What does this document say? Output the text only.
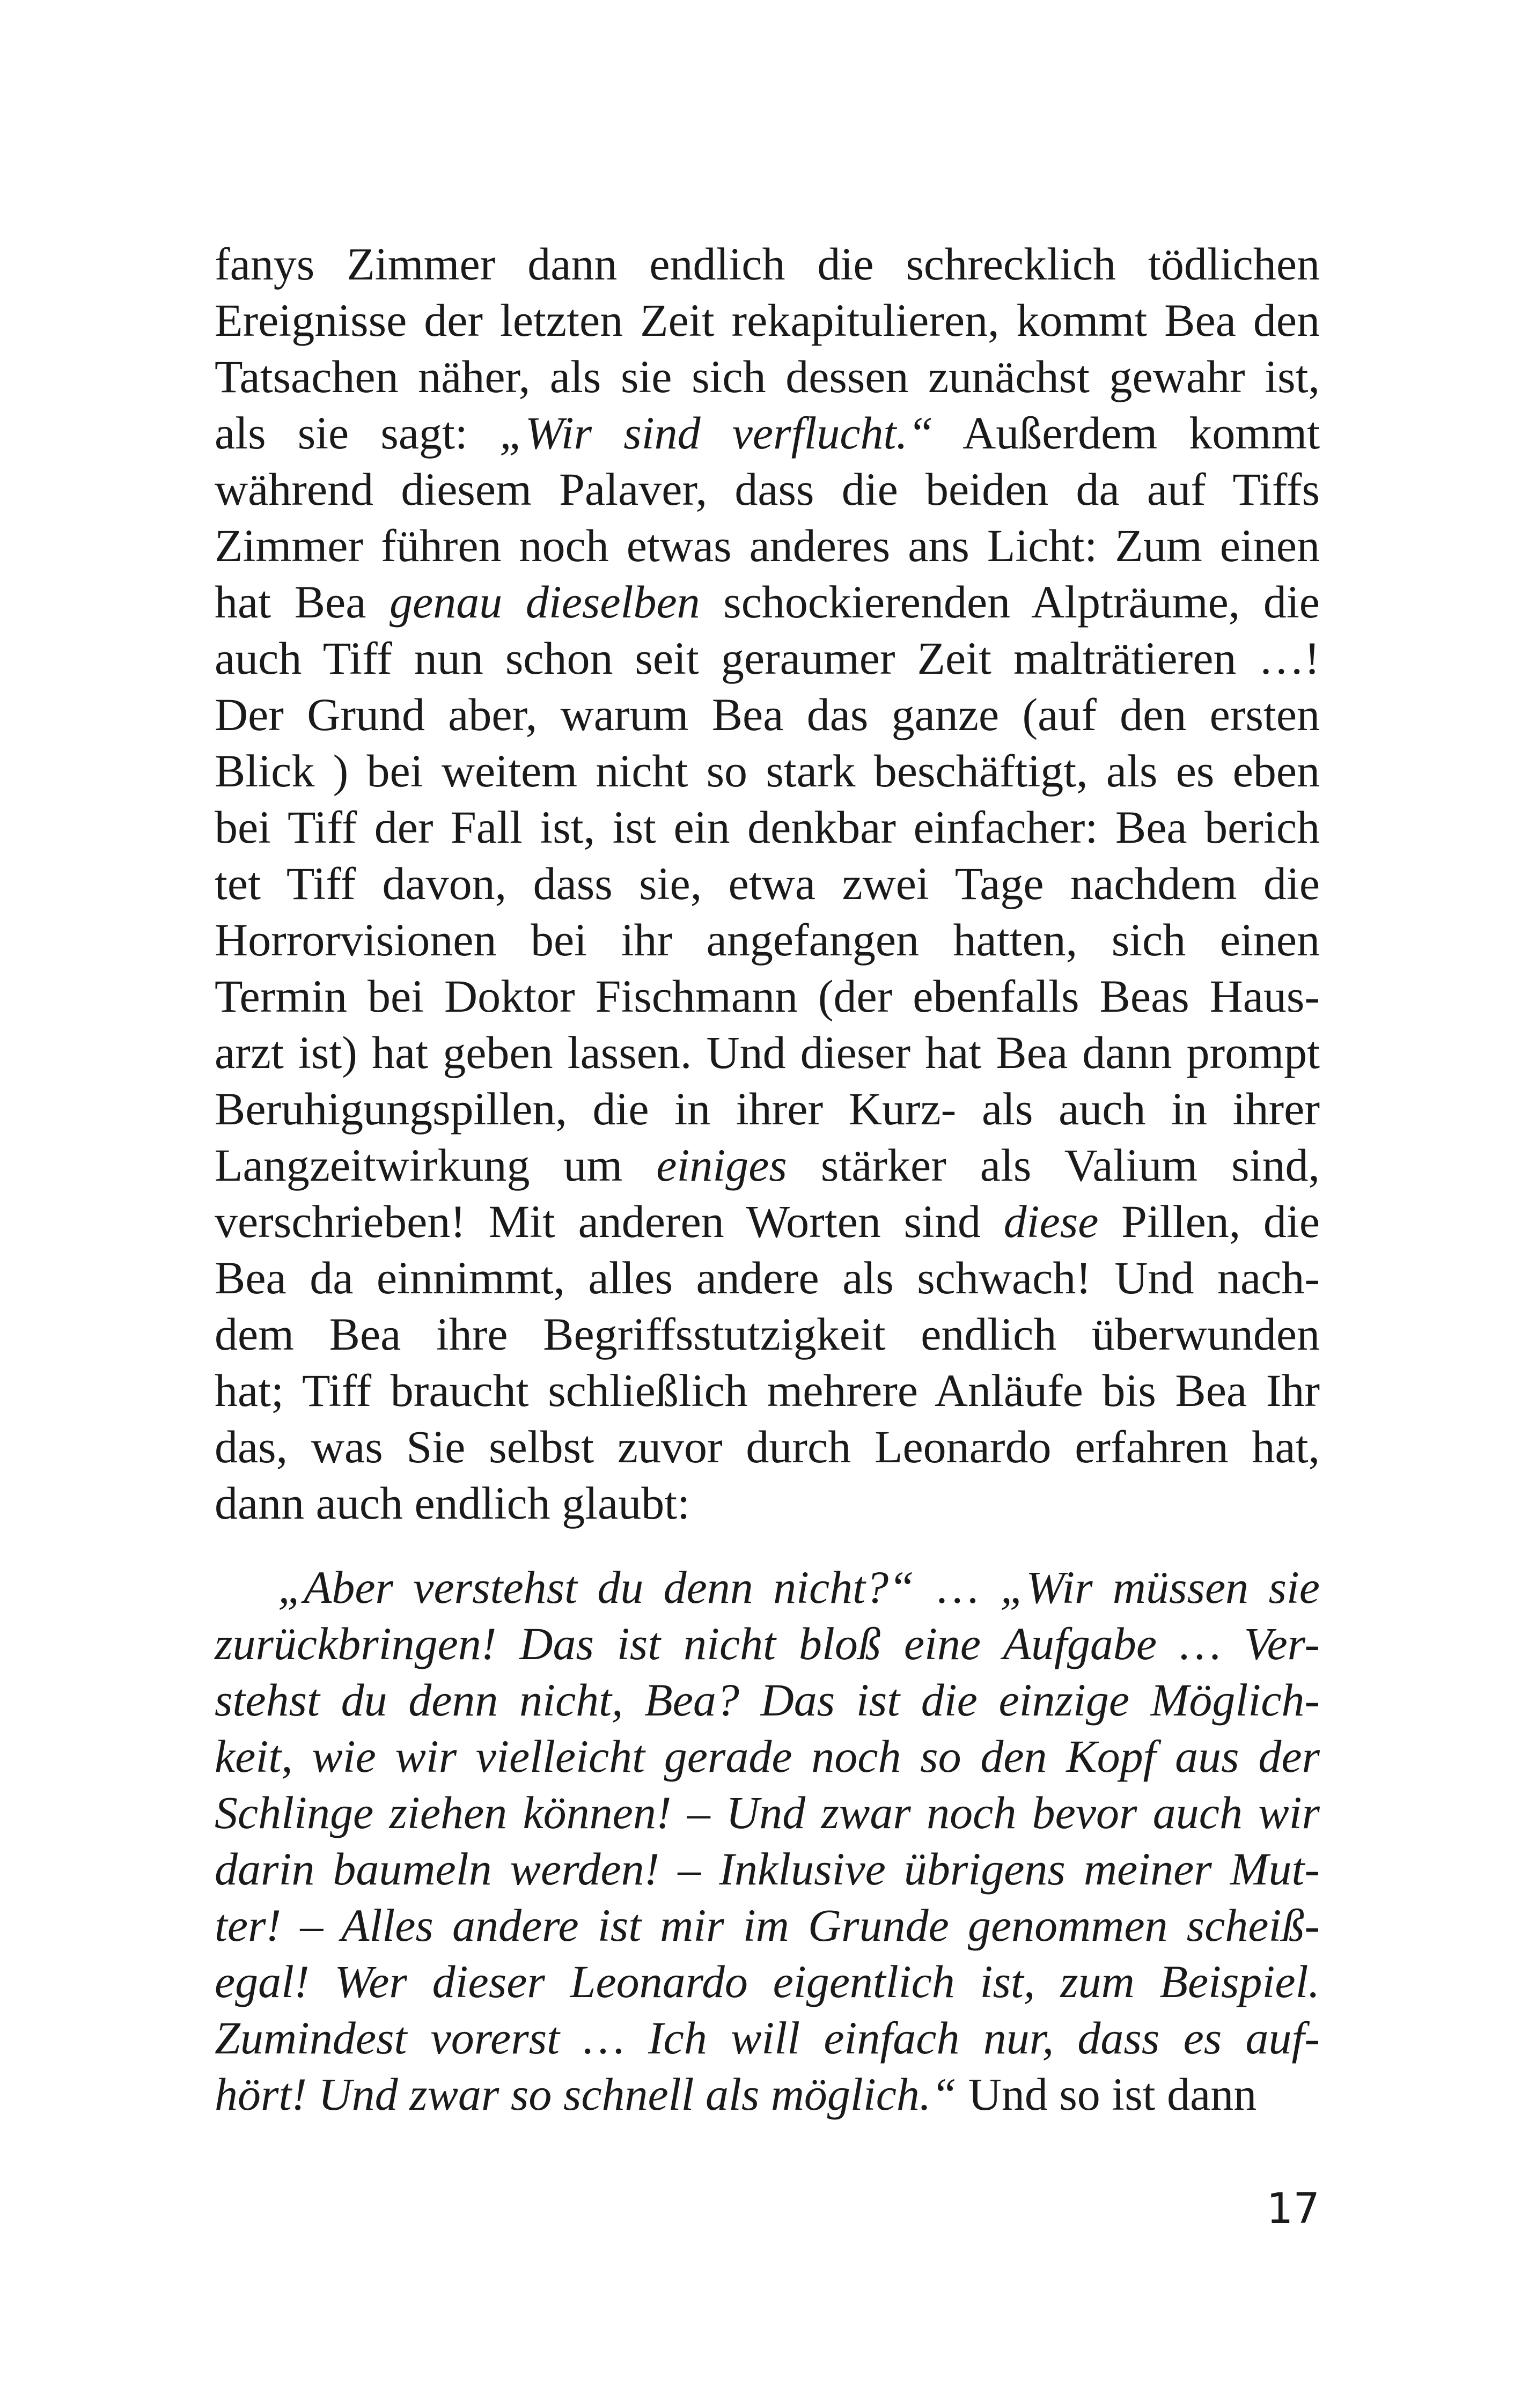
fanys Zimmer dann endlich die schrecklich tödlichen
Ereignisse der letzten Zeit rekapitulieren, kommt Bea den
Tatsachen näher, als sie sich dessen zunächst gewahr ist,
als sie sagt: „Wir sind verflucht.“ Außerdem kommt
während diesem Palaver, dass die beiden da auf Tiffs
Zimmer führen noch etwas anderes ans Licht: Zum einen
hat Bea genau dieselben schockierenden Alpträume, die
auch Tiff nun schon seit geraumer Zeit malträtieren …!
Der Grund aber, warum Bea das ganze (auf den ersten
Blick ) bei weitem nicht so stark beschäftigt, als es eben
bei Tiff der Fall ist, ist ein denkbar einfacher: Bea berich
tet Tiff davon, dass sie, etwa zwei Tage nachdem die
Horrorvisionen bei ihr angefangen hatten, sich einen
Termin bei Doktor Fischmann (der ebenfalls Beas Haus-
arzt ist) hat geben lassen. Und dieser hat Bea dann prompt
Beruhigungspillen, die in ihrer Kurz- als auch in ihrer
Langzeitwirkung um einiges stärker als Valium sind,
verschrieben! Mit anderen Worten sind diese Pillen, die
Bea da einnimmt, alles andere als schwach! Und nach-
dem Bea ihre Begriffsstutzigkeit endlich überwunden
hat; Tiff braucht schließlich mehrere Anläufe bis Bea Ihr
das, was Sie selbst zuvor durch Leonardo erfahren hat,
dann auch endlich glaubt:
„Aber verstehst du denn nicht?“ … „Wir müssen sie
zurückbringen! Das ist nicht bloß eine Aufgabe … Ver-
stehst du denn nicht, Bea? Das ist die einzige Möglich-
keit, wie wir vielleicht gerade noch so den Kopf aus der
Schlinge ziehen können! – Und zwar noch bevor auch wir
darin baumeln werden! – Inklusive übrigens meiner Mut-
ter! – Alles andere ist mir im Grunde genommen scheiß-
egal! Wer dieser Leonardo eigentlich ist, zum Beispiel.
Zumindest vorerst … Ich will einfach nur, dass es auf-
hört! Und zwar so schnell als möglich.“ Und so ist dann
17
